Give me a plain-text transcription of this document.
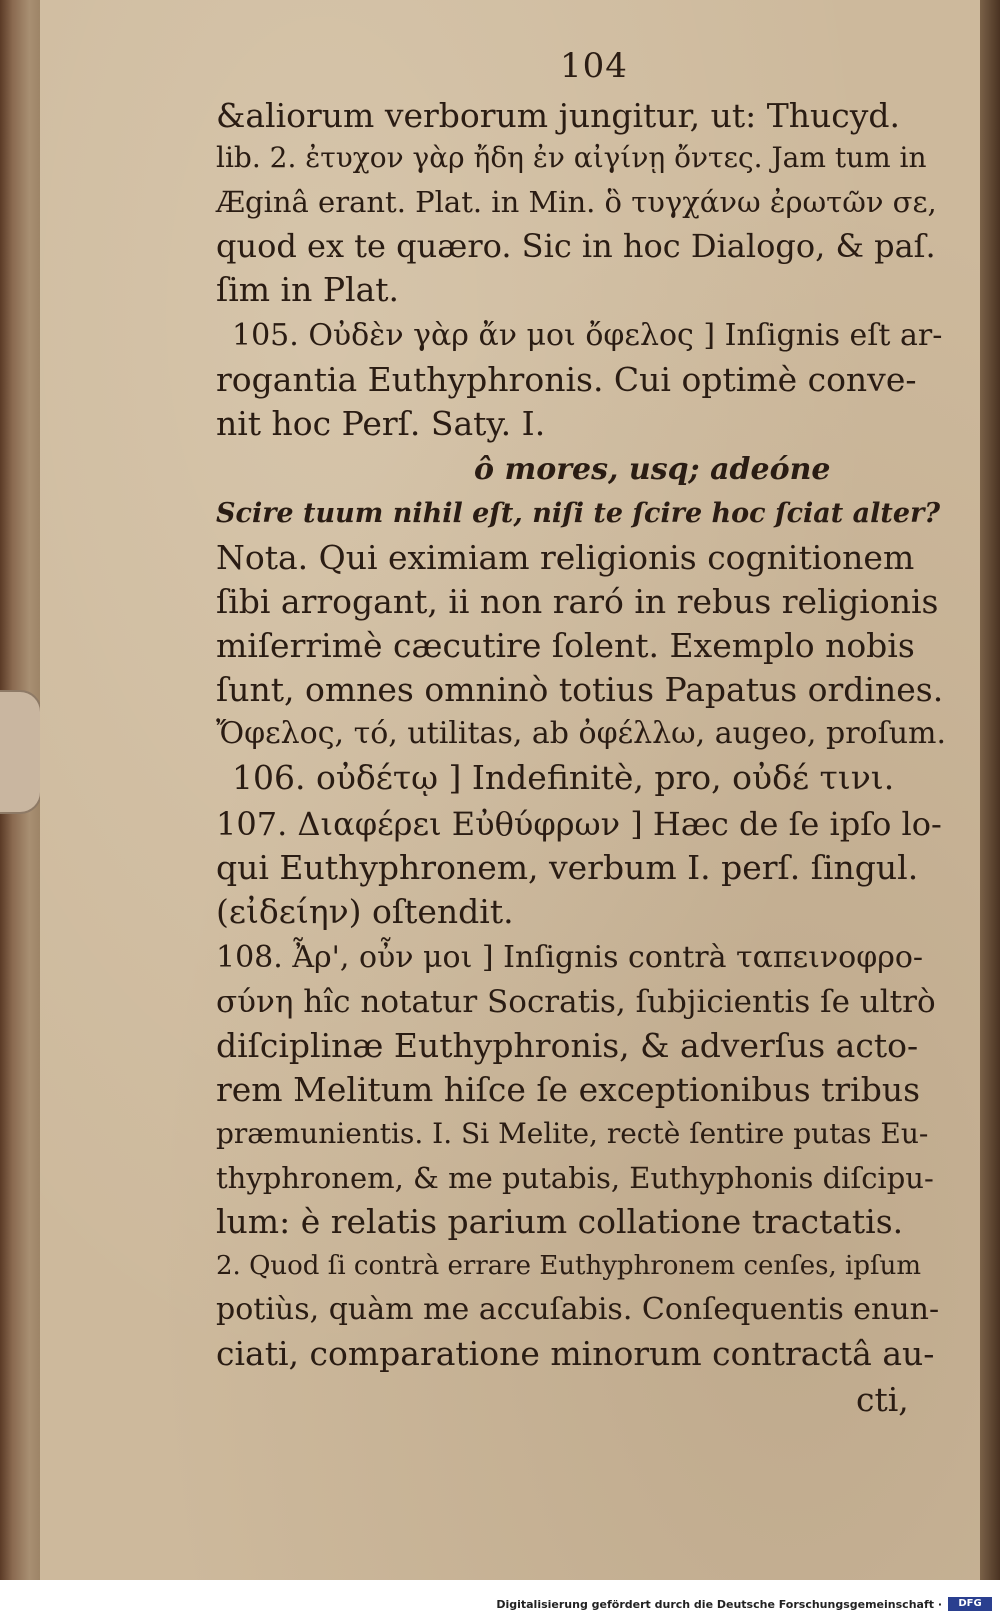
104
&aliorum verborum jungitur, ut: Thucyd.
lib. 2. ἐτυχον γὰρ ἤδη ἐν αἰγίνῃ ὄντες. Jam tum in
Æginâ erant. Plat. in Min. ὃ τυγχάνω ἐρωτῶν σε,
quod ex te quæro. Sic in hoc Dialogo, & paſ.
ſim in Plat.
105. Οὐδὲν γὰρ ἄν μοι ὄφελος ] Inſignis eſt ar-
rogantia Euthyphronis. Cui optimè conve-
nit hoc Perſ. Saty. I.
ô mores, usq; adeóne
Scire tuum nihil eſt, niſi te ſcire hoc ſciat alter?
Nota. Qui eximiam religionis cognitionem
ſibi arrogant, ii non raró in rebus religionis
miſerrimè cæcutire ſolent. Exemplo nobis
ſunt, omnes omninò totius Papatus ordines.
Ὄφελος, τό, utilitas, ab ὀφέλλω, augeo, proſum.
106. οὐδέτῳ ] Indefinitè, pro, οὐδέ τινι.
107. Διαφέρει Εὐθύφρων ] Hæc de ſe ipſo lo-
qui Euthyphronem, verbum I. perſ. ſingul.
(εἰδείην) oſtendit.
108. Ἆρ', οὖν μοι ] Inſignis contrà ταπεινοφρο-
σύνη hîc notatur Socratis, ſubjicientis ſe ultrò
diſciplinæ Euthyphronis, & adverſus acto-
rem Melitum hiſce ſe exceptionibus tribus
præmunientis. I. Si Melite, rectè ſentire putas Eu-
thyphronem, & me putabis, Euthyphonis diſcipu-
lum: è relatis parium collatione tractatis.
2. Quod ſi contrà errare Euthyphronem cenſes, ipſum
potiùs, quàm me accuſabis. Conſequentis enun-
ciati, comparatione minorum contractâ au-
cti,
Digitalisierung gefördert durch die Deutsche Forschungsgemeinschaft ·	DFG
